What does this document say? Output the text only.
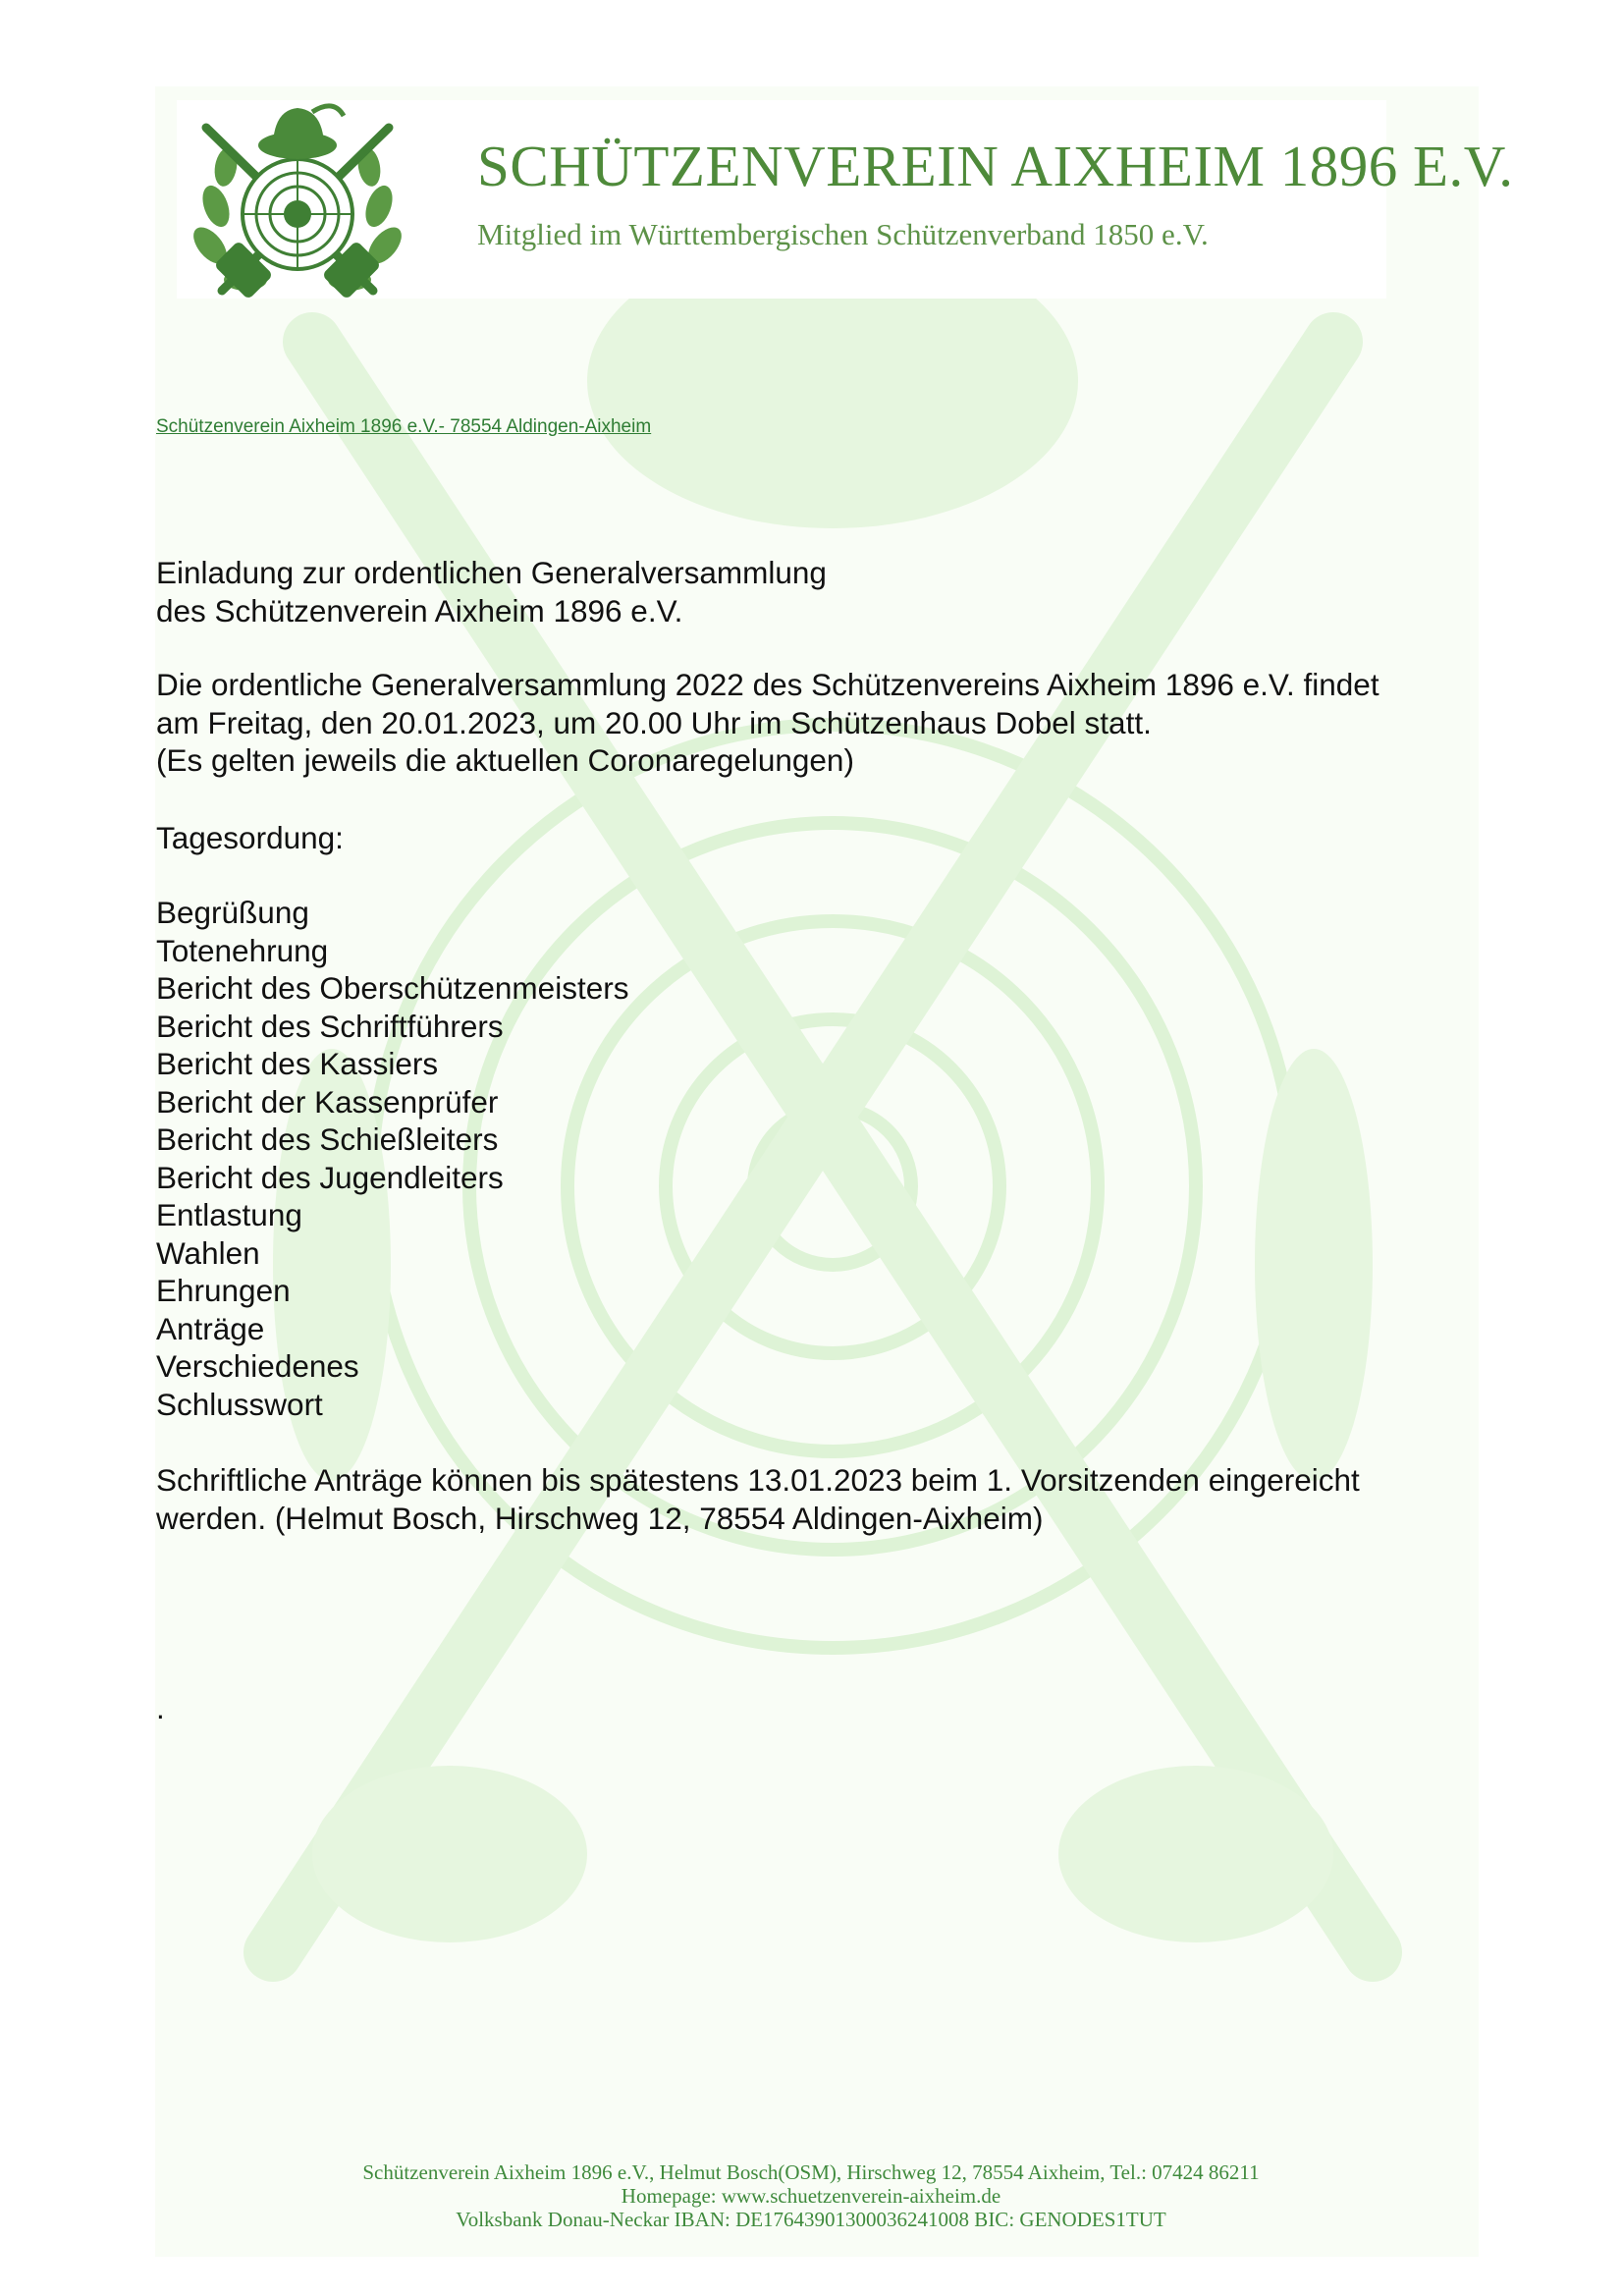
SCHÜTZENVEREIN AIXHEIM 1896 E.V.
Mitglied im Württembergischen Schützenverband 1850 e.V.
Schützenverein Aixheim 1896 e.V.- 78554 Aldingen-Aixheim
Einladung zur ordentlichen Generalversammlung
des Schützenverein Aixheim 1896 e.V.
Die ordentliche Generalversammlung 2022 des Schützenvereins Aixheim 1896 e.V. findet
am Freitag, den 20.01.2023, um 20.00 Uhr im Schützenhaus Dobel statt.
(Es gelten jeweils die aktuellen Coronaregelungen)
Tagesordung:
Begrüßung
Totenehrung
Bericht des Oberschützenmeisters
Bericht des Schriftführers
Bericht des Kassiers
Bericht der Kassenprüfer
Bericht des Schießleiters
Bericht des Jugendleiters
Entlastung
Wahlen
Ehrungen
Anträge
Verschiedenes
Schlusswort
Schriftliche Anträge können bis spätestens 13.01.2023 beim 1. Vorsitzenden eingereicht
werden. (Helmut Bosch, Hirschweg 12, 78554 Aldingen-Aixheim)
.
Schützenverein Aixheim 1896 e.V., Helmut Bosch(OSM), Hirschweg 12, 78554 Aixheim, Tel.: 07424 86211
Homepage: www.schuetzenverein-aixheim.de
Volksbank Donau-Neckar IBAN: DE17643901300036241008 BIC: GENODES1TUT
